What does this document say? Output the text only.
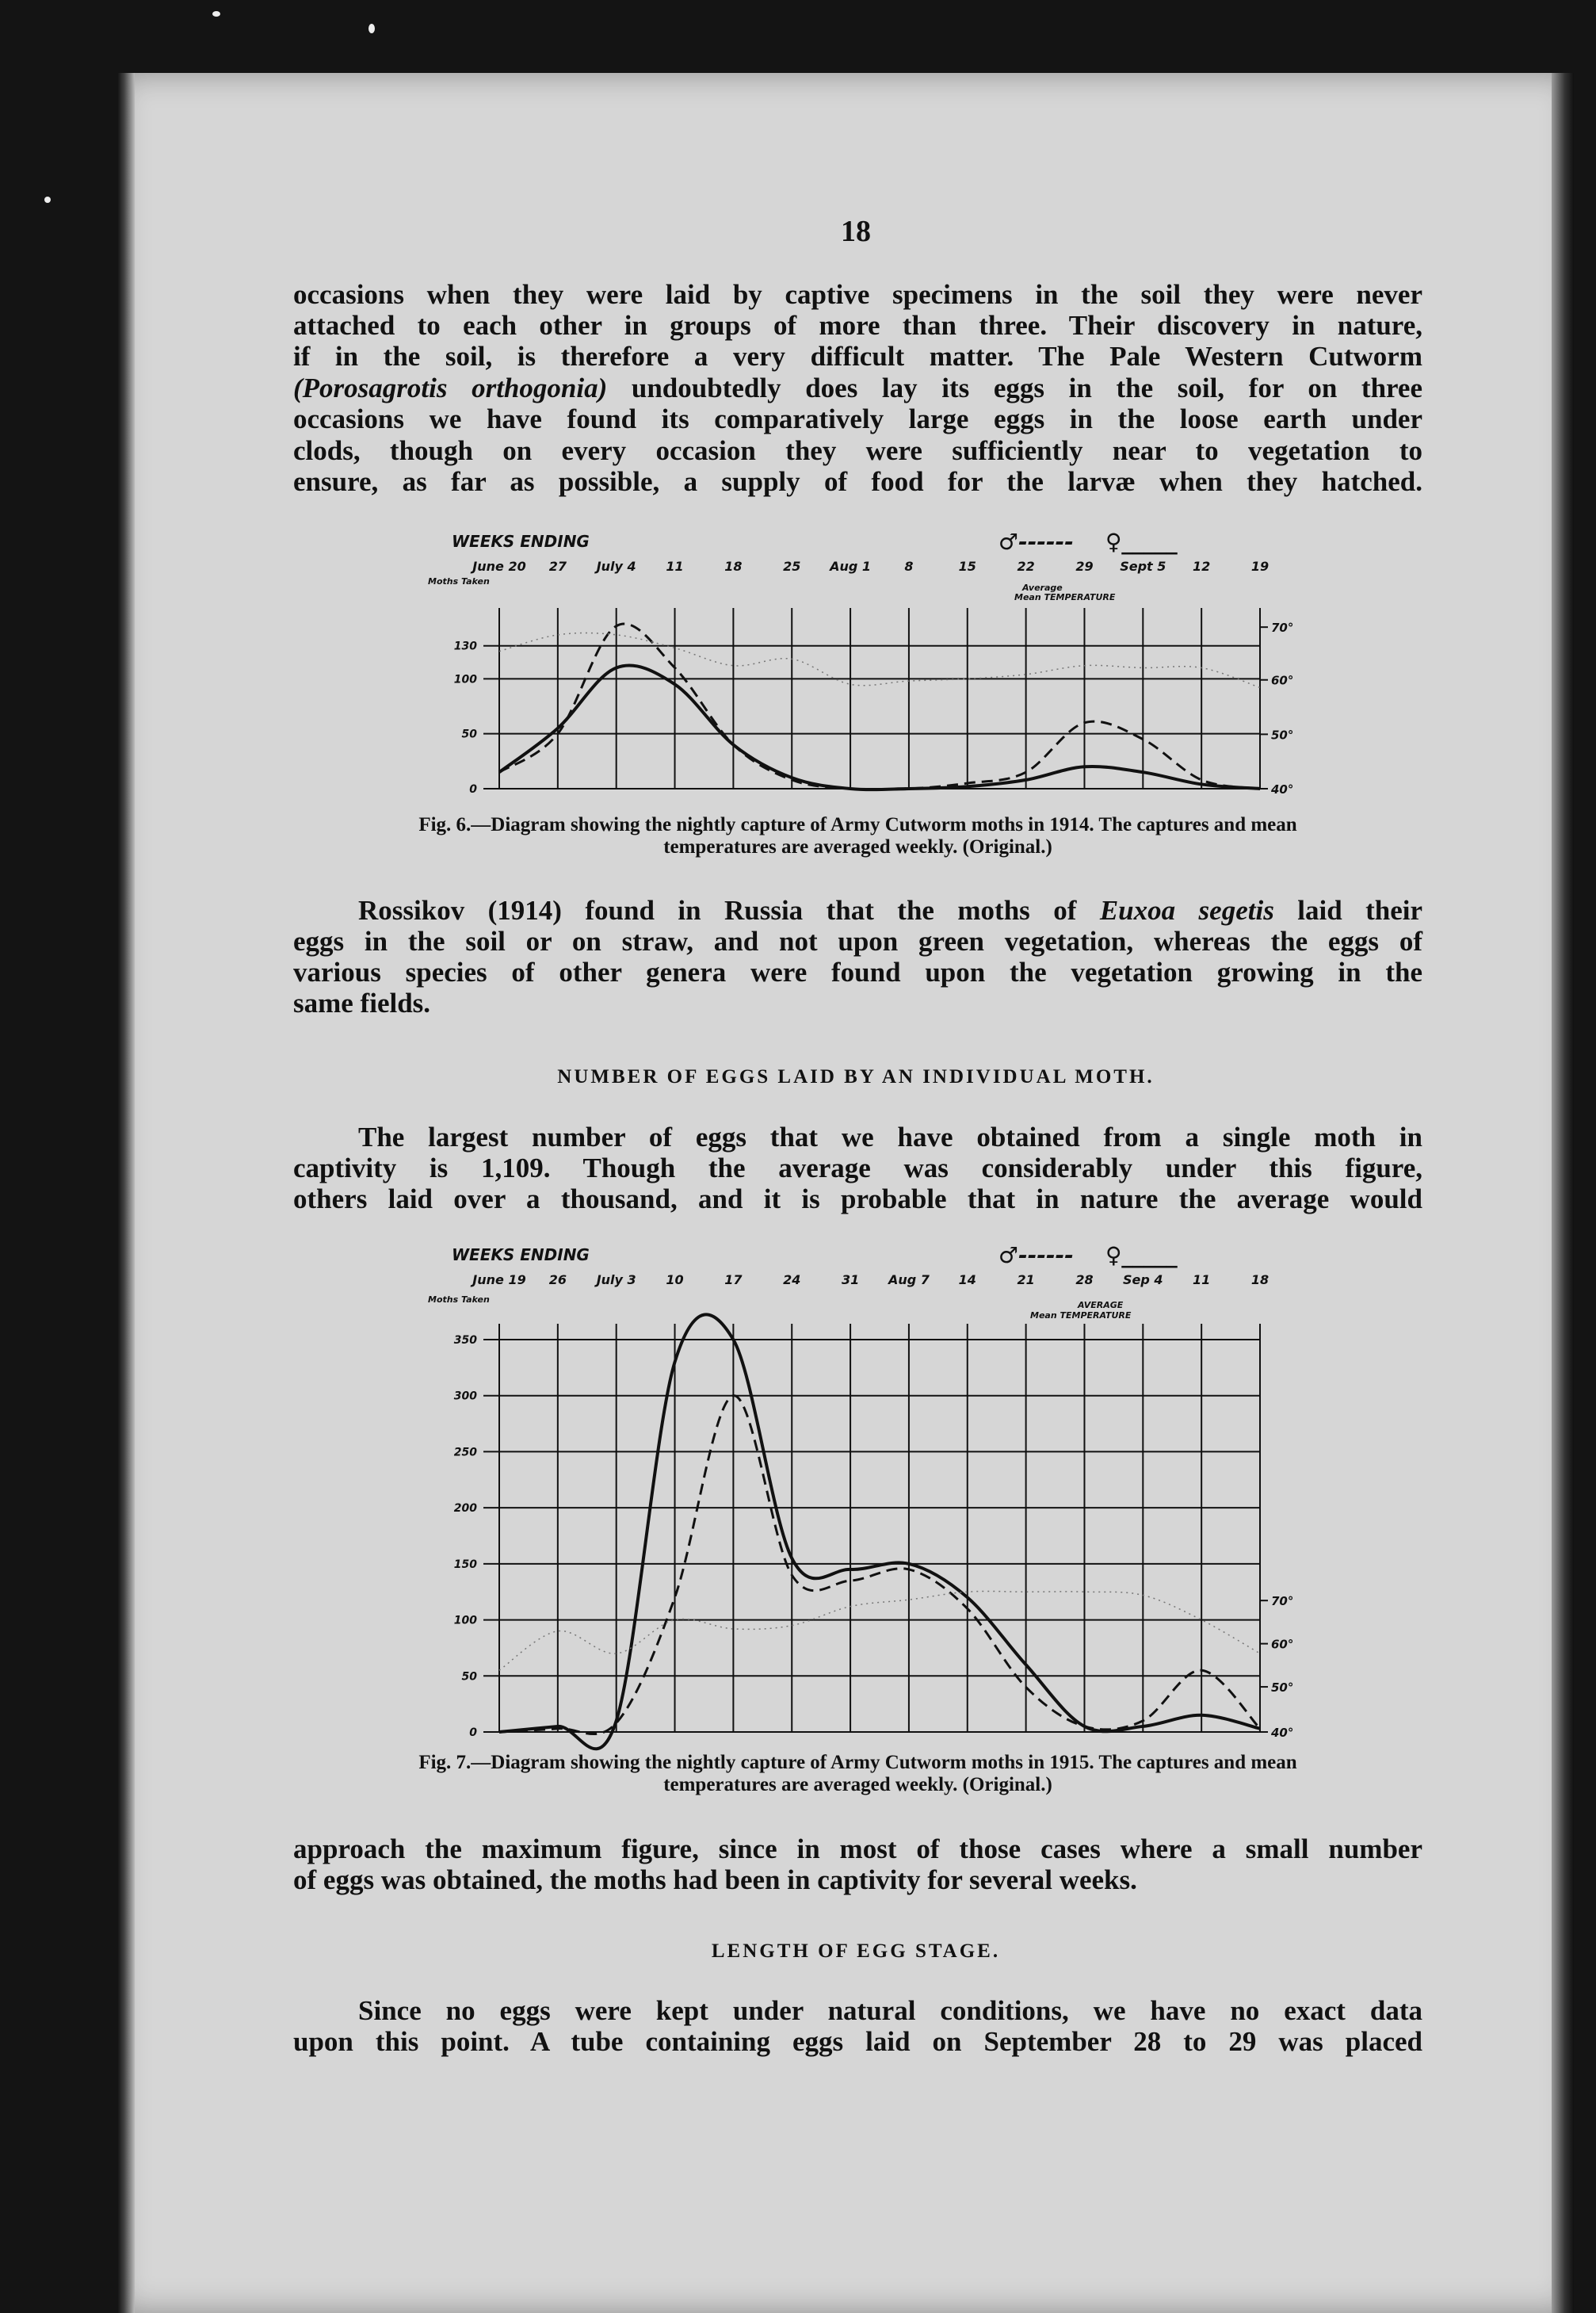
18
occasions when they were laid by captive specimens in the soil they were never
attached to each other in groups of more than three. Their discovery in nature,
if in the soil, is therefore a very difficult matter. The Pale Western Cutworm
(Porosagrotis orthogonia) undoubtedly does lay its eggs in the soil, for on three
occasions we have found its comparatively large eggs in the loose earth under
clods, though on every occasion they were sufficiently near to vegetation to
ensure, as far as possible, a supply of food for the larvæ when they hatched.
WEEKS ENDING	♂------ ♀_____
Average
Mean TEMPERATURE
Moths Taken
June 20 27 July 4 11	18	25 Aug 1	8	15	22	29 Sept 5 12	19
0
50
100
130
40°
50°
60°
70°
Fig. 6.—Diagram showing the nightly capture of Army Cutworm moths in 1914. The captures and mean
temperatures are averaged weekly. (Original.)
Rossikov (1914) found in Russia that the moths of Euxoa segetis laid their
eggs in the soil or on straw, and not upon green vegetation, whereas the eggs of
various species of other genera were found upon the vegetation growing in the
same fields.
NUMBER OF EGGS LAID BY AN INDIVIDUAL MOTH.
The largest number of eggs that we have obtained from a single moth in
captivity is 1,109. Though the average was considerably under this figure,
others laid over a thousand, and it is probable that in nature the average would
WEEKS ENDING	♂------ ♀_____
AVERAGE
Mean TEMPERATURE
Moths Taken
June 19 26 July 3 10	17	24	31 Aug 7 14	21	28 Sep 4 11	18
0
50
100
150
200
250
300
350
40°
50°
60°
70°
Fig. 7.—Diagram showing the nightly capture of Army Cutworm moths in 1915. The captures and mean
temperatures are averaged weekly. (Original.)
approach the maximum figure, since in most of those cases where a small number
of eggs was obtained, the moths had been in captivity for several weeks.
LENGTH OF EGG STAGE.
Since no eggs were kept under natural conditions, we have no exact data
upon this point. A tube containing eggs laid on September 28 to 29 was placed
